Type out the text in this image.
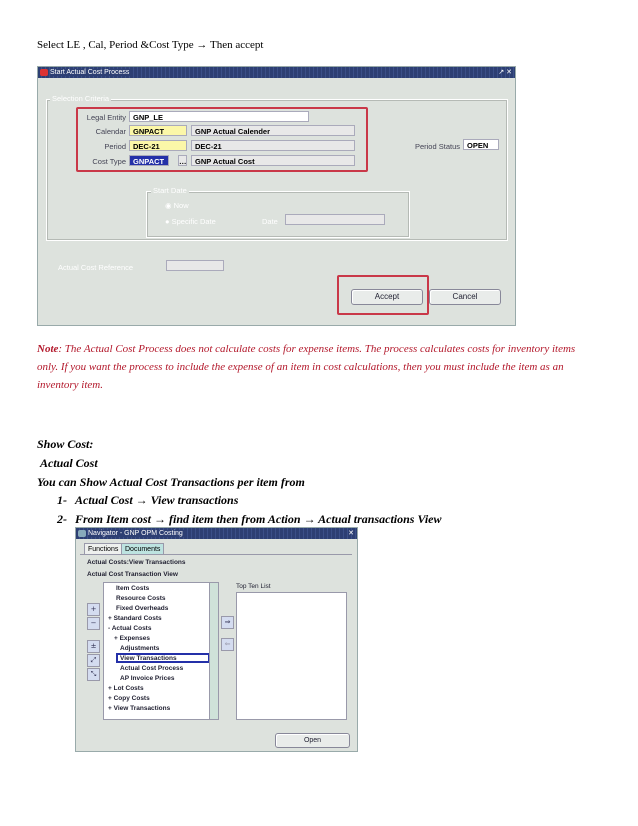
Select LE , Cal, Period &Cost Type → Then accept
Start Actual Cost Process	↗ ✕
Selection Criteria
Legal Entity GNP_LE
Calendar GNPACT	GNP Actual Calender
Period DEC-21	DEC-21
Cost Type GNPACT	…	GNP Actual Cost
Period Status OPEN
Start Date
◉ Now
● Specific Date	Date
Actual Cost Reference
Accept	Cancel
Note: The Actual Cost Process does not calculate costs for expense items. The process calculates costs for inventory items only. If you want the process to include the expense of an item in cost calculations, then you must include the item as an inventory item.
Show Cost:
Actual Cost
You can Show Actual Cost Transactions per item from
1- Actual Cost → View transactions
2- From Item cost → find item then from Action → Actual transactions View
Navigator - GNP OPM Costing	✕
Functions Documents
Actual Costs:View Transactions
Actual Cost Transaction View
+
−
±
⤢
⤡
Item Costs
Resource Costs
Fixed Overheads
+ Standard Costs
- Actual Costs
+ Expenses
Adjustments
View Transactions
Actual Cost Process
AP Invoice Prices
+ Lot Costs
+ Copy Costs
+ View Transactions
⇒
⇐
Top Ten List
Open
